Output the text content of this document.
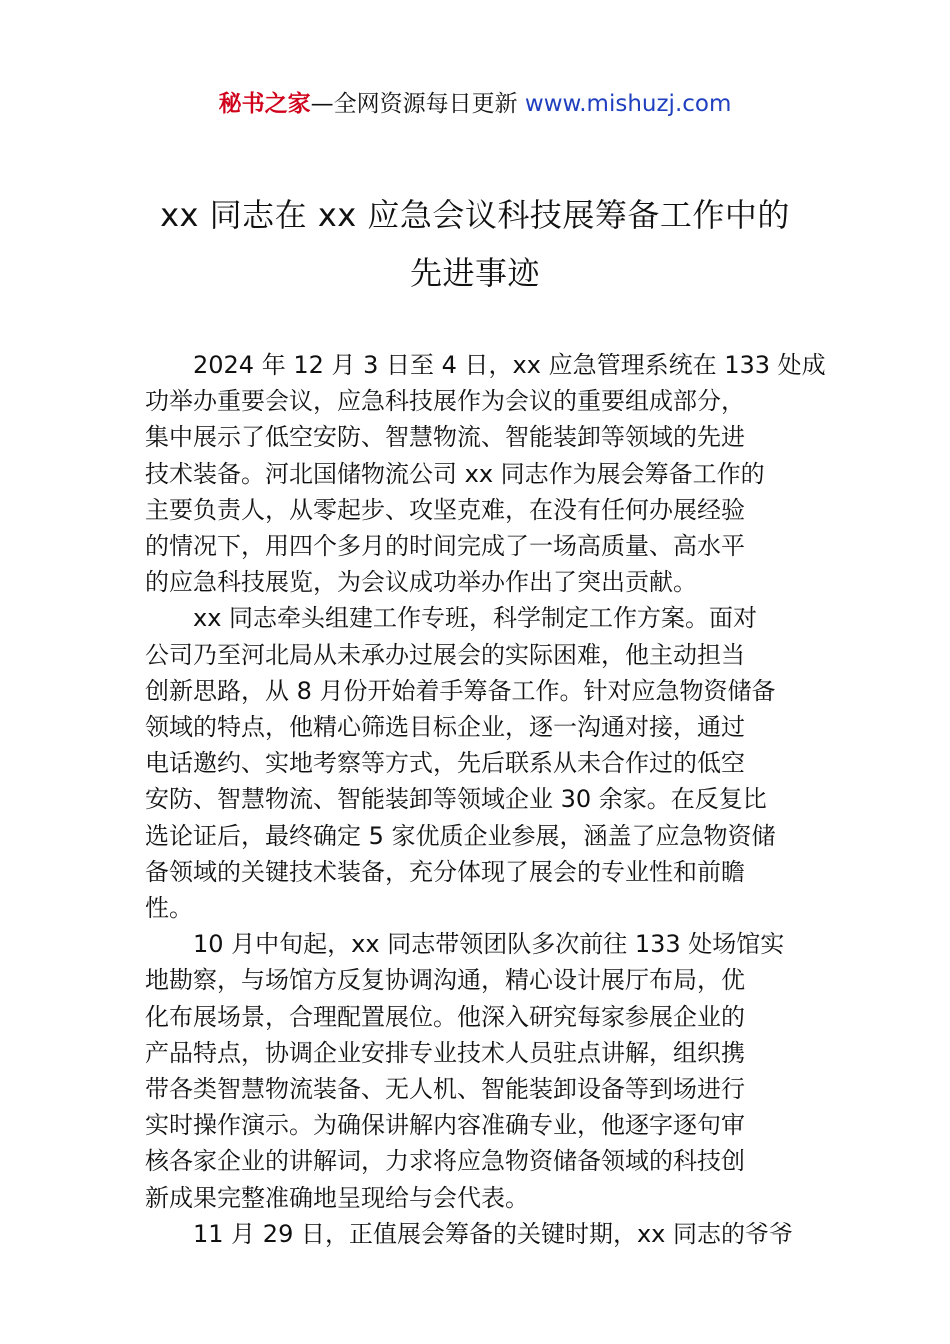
秘书之家—全网资源每日更新 www.mishuzj.com
xx 同志在 xx 应急会议科技展筹备工作中的
先进事迹

2024 年 12 月 3 日至 4 日，xx 应急管理系统在 133 处成
功举办重要会议，应急科技展作为会议的重要组成部分，
集中展示了低空安防、智慧物流、智能装卸等领域的先进
技术装备。河北国储物流公司 xx 同志作为展会筹备工作的
主要负责人，从零起步、攻坚克难，在没有任何办展经验
的情况下，用四个多月的时间完成了一场高质量、高水平
的应急科技展览，为会议成功举办作出了突出贡献。

xx 同志牵头组建工作专班，科学制定工作方案。面对
公司乃至河北局从未承办过展会的实际困难，他主动担当
创新思路，从 8 月份开始着手筹备工作。针对应急物资储备
领域的特点，他精心筛选目标企业，逐一沟通对接，通过
电话邀约、实地考察等方式，先后联系从未合作过的低空
安防、智慧物流、智能装卸等领域企业 30 余家。在反复比
选论证后，最终确定 5 家优质企业参展，涵盖了应急物资储
备领域的关键技术装备，充分体现了展会的专业性和前瞻
性。

10 月中旬起，xx 同志带领团队多次前往 133 处场馆实
地勘察，与场馆方反复协调沟通，精心设计展厅布局，优
化布展场景，合理配置展位。他深入研究每家参展企业的
产品特点，协调企业安排专业技术人员驻点讲解，组织携
带各类智慧物流装备、无人机、智能装卸设备等到场进行
实时操作演示。为确保讲解内容准确专业，他逐字逐句审
核各家企业的讲解词，力求将应急物资储备领域的科技创
新成果完整准确地呈现给与会代表。

11 月 29 日，正值展会筹备的关键时期，xx 同志的爷爷
